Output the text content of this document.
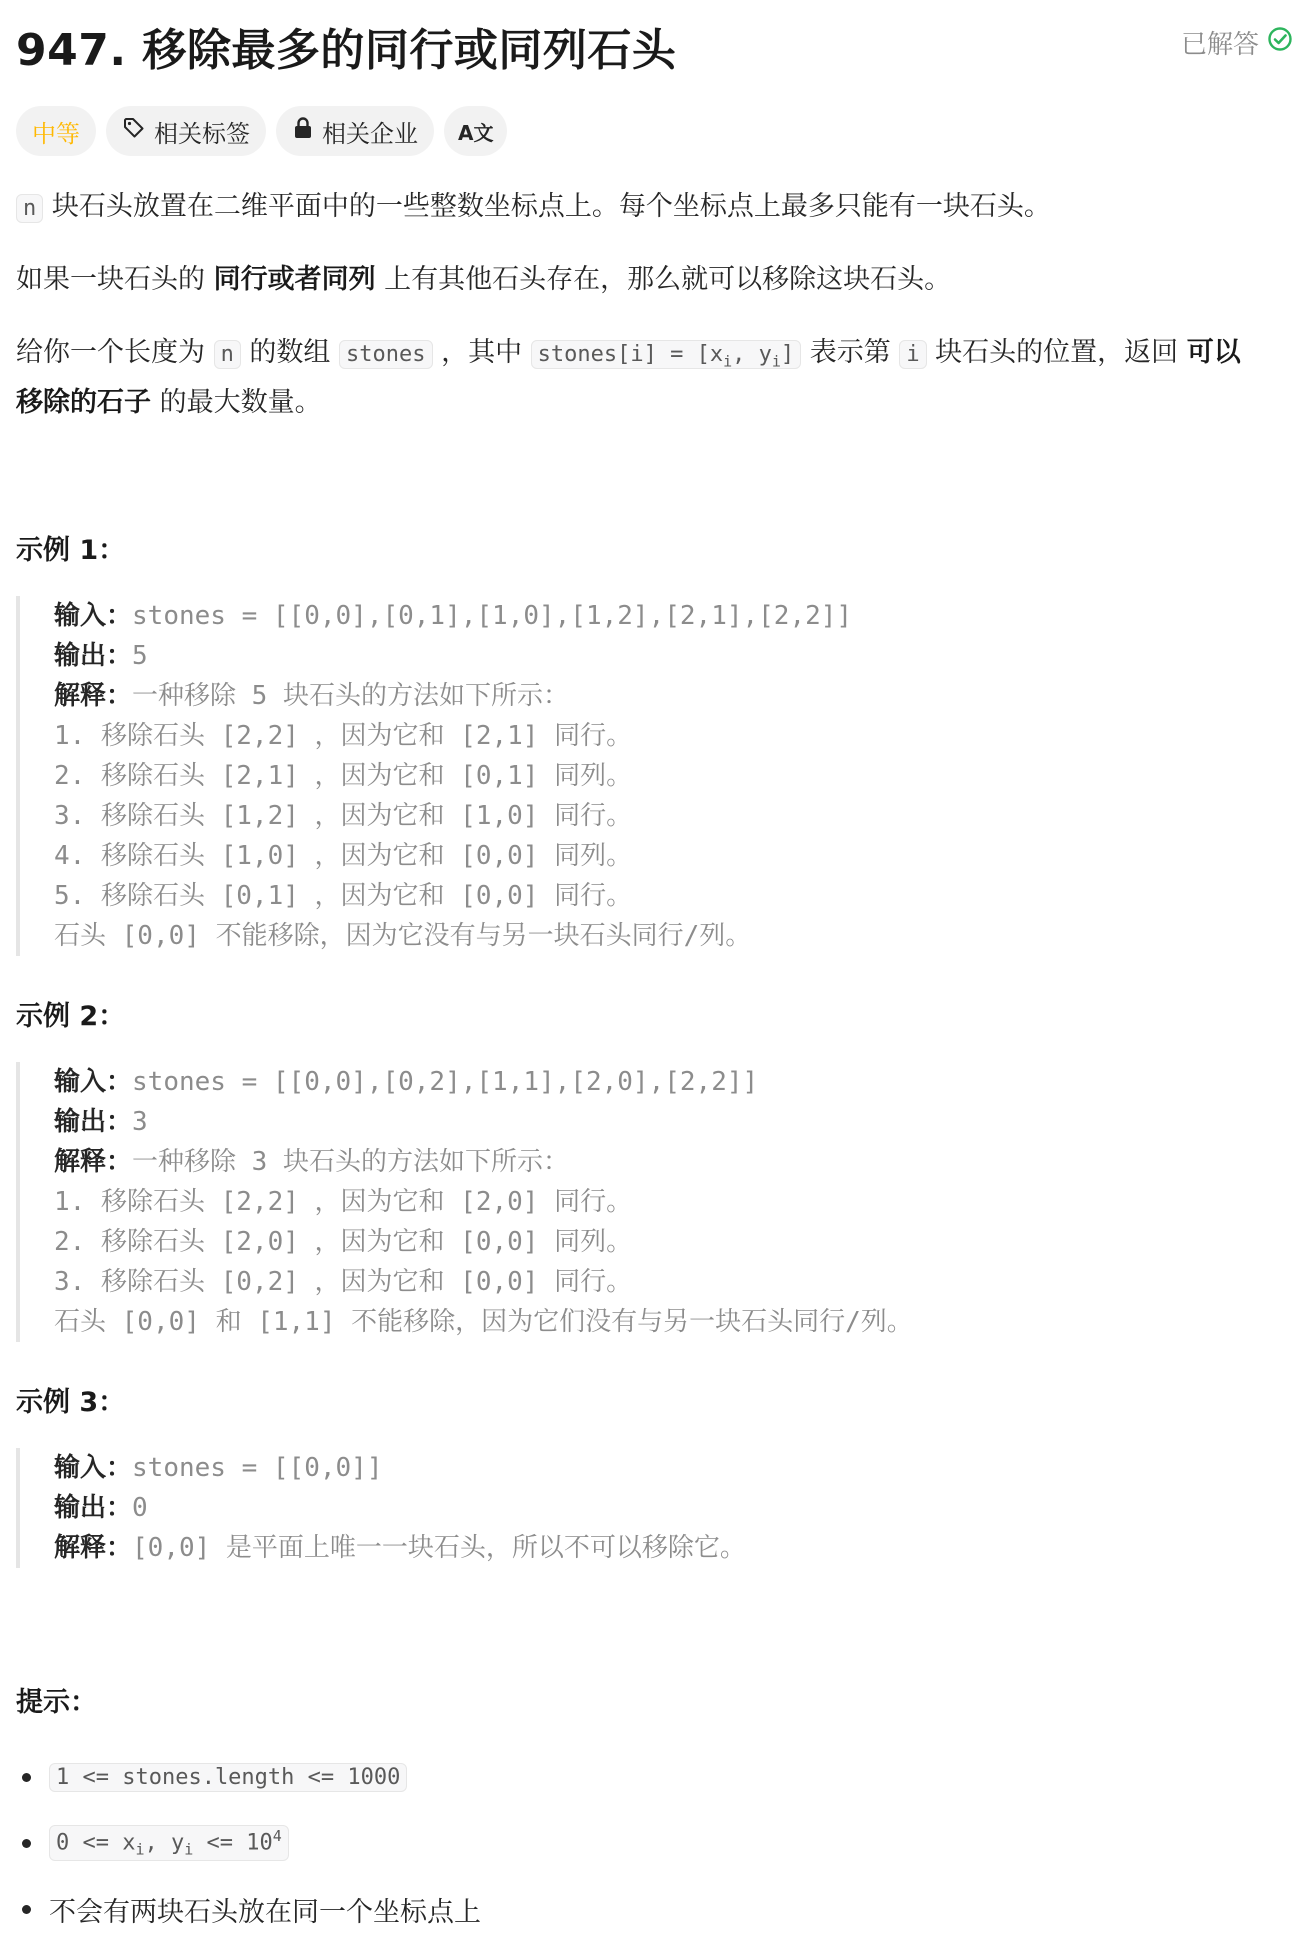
947. 移除最多的同行或同列石头	已解答
中等	相关标签	相关企业 A文
n 块石头放置在二维平面中的一些整数坐标点上。每个坐标点上最多只能有一块石头。
如果一块石头的 同行或者同列 上有其他石头存在，那么就可以移除这块石头。
给你一个长度为 n 的数组 stones ，其中 stones[i] = [$x_i$, $y_i$] 表示第 i 块石头的位置，返回 可以
移除的石子 的最大数量。
示例 1：
输入：stones = [[0,0],[0,1],[1,0],[1,2],[2,1],[2,2]]
输出：5
解释：一种移除 5 块石头的方法如下所示：
1. 移除石头 [2,2] ，因为它和 [2,1] 同行。
2. 移除石头 [2,1] ，因为它和 [0,1] 同列。
3. 移除石头 [1,2] ，因为它和 [1,0] 同行。
4. 移除石头 [1,0] ，因为它和 [0,0] 同列。
5. 移除石头 [0,1] ，因为它和 [0,0] 同行。
石头 [0,0] 不能移除，因为它没有与另一块石头同行/列。
示例 2：
输入：stones = [[0,0],[0,2],[1,1],[2,0],[2,2]]
输出：3
解释：一种移除 3 块石头的方法如下所示：
1. 移除石头 [2,2] ，因为它和 [2,0] 同行。
2. 移除石头 [2,0] ，因为它和 [0,0] 同列。
3. 移除石头 [0,2] ，因为它和 [0,0] 同行。
石头 [0,0] 和 [1,1] 不能移除，因为它们没有与另一块石头同行/列。
示例 3：
输入：stones = [[0,0]]
输出：0
解释：[0,0] 是平面上唯一一块石头，所以不可以移除它。
提示：
1 <= stones.length <= 1000
$0 <= x_i$, $y_i <= 10^4$
不会有两块石头放在同一个坐标点上
